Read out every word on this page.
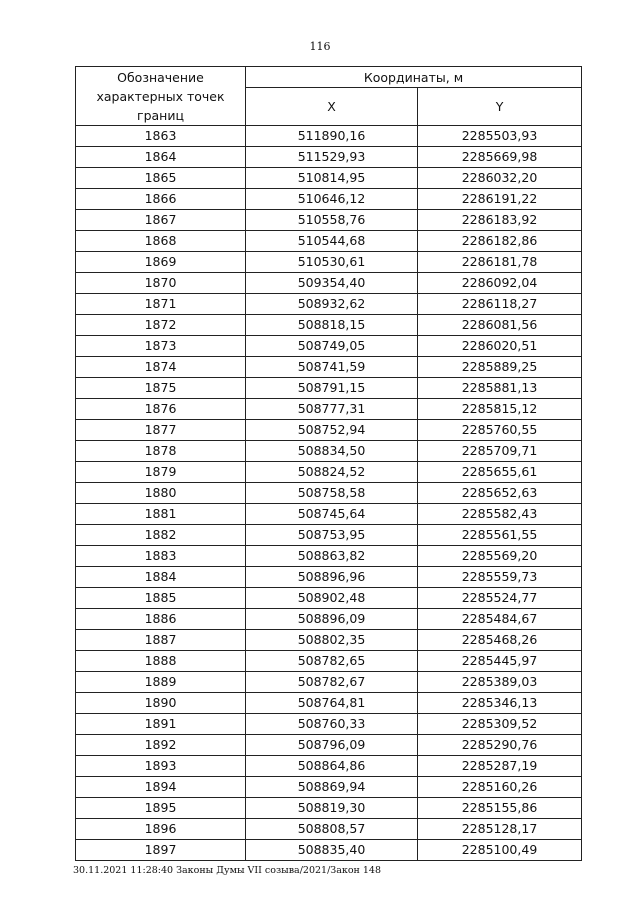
116
Обозначение характерных точек границ	Координаты, м	
	X	Y
1863	511890,16	2285503,93
1864	511529,93	2285669,98
1865	510814,95	2286032,20
1866	510646,12	2286191,22
1867	510558,76	2286183,92
1868	510544,68	2286182,86
1869	510530,61	2286181,78
1870	509354,40	2286092,04
1871	508932,62	2286118,27
1872	508818,15	2286081,56
1873	508749,05	2286020,51
1874	508741,59	2285889,25
1875	508791,15	2285881,13
1876	508777,31	2285815,12
1877	508752,94	2285760,55
1878	508834,50	2285709,71
1879	508824,52	2285655,61
1880	508758,58	2285652,63
1881	508745,64	2285582,43
1882	508753,95	2285561,55
1883	508863,82	2285569,20
1884	508896,96	2285559,73
1885	508902,48	2285524,77
1886	508896,09	2285484,67
1887	508802,35	2285468,26
1888	508782,65	2285445,97
1889	508782,67	2285389,03
1890	508764,81	2285346,13
1891	508760,33	2285309,52
1892	508796,09	2285290,76
1893	508864,86	2285287,19
1894	508869,94	2285160,26
1895	508819,30	2285155,86
1896	508808,57	2285128,17
1897	508835,40	2285100,49
30.11.2021 11:28:40 Законы Думы VII созыва/2021/Закон 148
